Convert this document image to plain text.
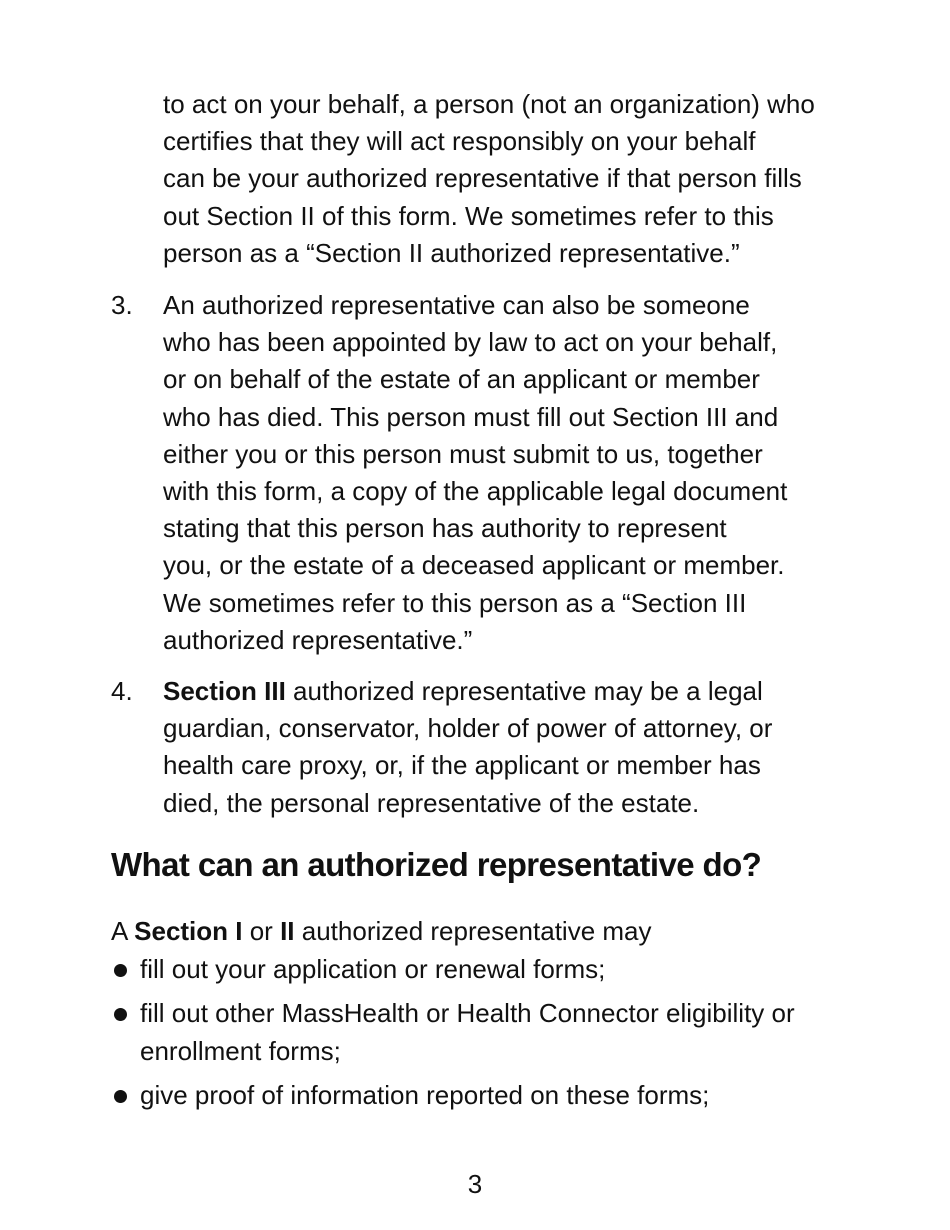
to act on your behalf, a person (not an organization) who
certifies that they will act responsibly on your behalf
can be your authorized representative if that person fills
out Section II of this form. We sometimes refer to this
person as a “Section II authorized representative.”
3. An authorized representative can also be someone
who has been appointed by law to act on your behalf,
or on behalf of the estate of an applicant or member
who has died. This person must fill out Section III and
either you or this person must submit to us, together
with this form, a copy of the applicable legal document
stating that this person has authority to represent
you, or the estate of a deceased applicant or member.
We sometimes refer to this person as a “Section III
authorized representative.”
4. Section III authorized representative may be a legal
guardian, conservator, holder of power of attorney, or
health care proxy, or, if the applicant or member has
died, the personal representative of the estate.
What can an authorized representative do?
A Section I or II authorized representative may
fill out your application or renewal forms;
fill out other MassHealth or Health Connector eligibility or
enrollment forms;
give proof of information reported on these forms;
3
